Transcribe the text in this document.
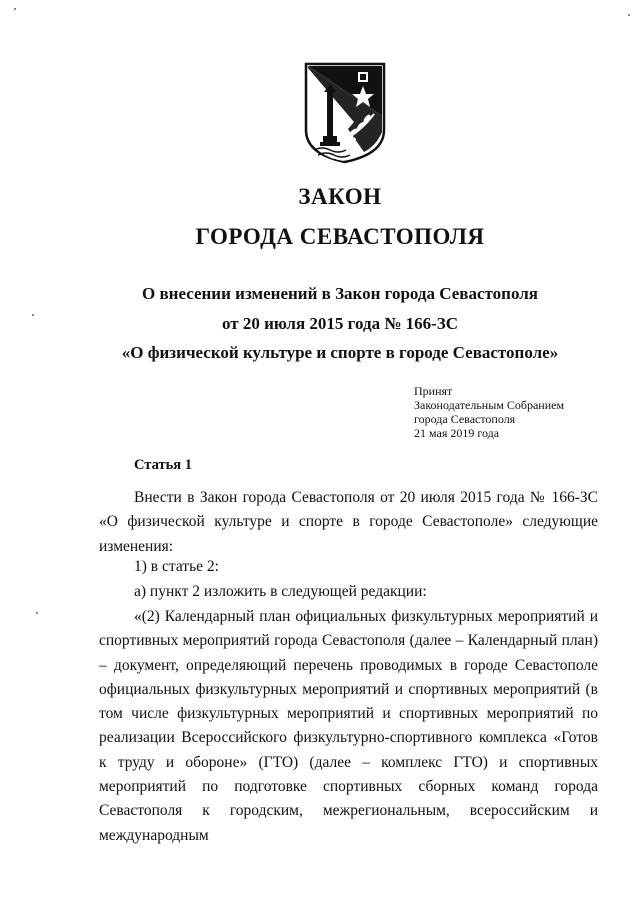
ЗАКОН
ГОРОДА СЕВАСТОПОЛЯ
О внесении изменений в Закон города Севастополя
от 20 июля 2015 года № 166-ЗС
«О физической культуре и спорте в городе Севастополе»
Принят
Законодательным Собранием
города Севастополя
21 мая 2019 года
Статья 1

Внести в Закон города Севастополя от 20 июля 2015 года № 166-ЗС «О физической культуре и спорте в городе Севастополе» следующие изменения:

1) в статье 2:
а) пункт 2 изложить в следующей редакции:

«(2) Календарный план официальных физкультурных мероприятий и спортивных мероприятий города Севастополя (далее – Календарный план) – документ, определяющий перечень проводимых в городе Севастополе официальных физкультурных мероприятий и спортивных мероприятий (в том числе физкультурных мероприятий и спортивных мероприятий по реализации Всероссийского физкультурно-спортивного комплекса «Готов к труду и обороне» (ГТО) (далее – комплекс ГТО) и спортивных мероприятий по подготовке спортивных сборных команд города Севастополя к городским, межрегиональным, всероссийским и международным
